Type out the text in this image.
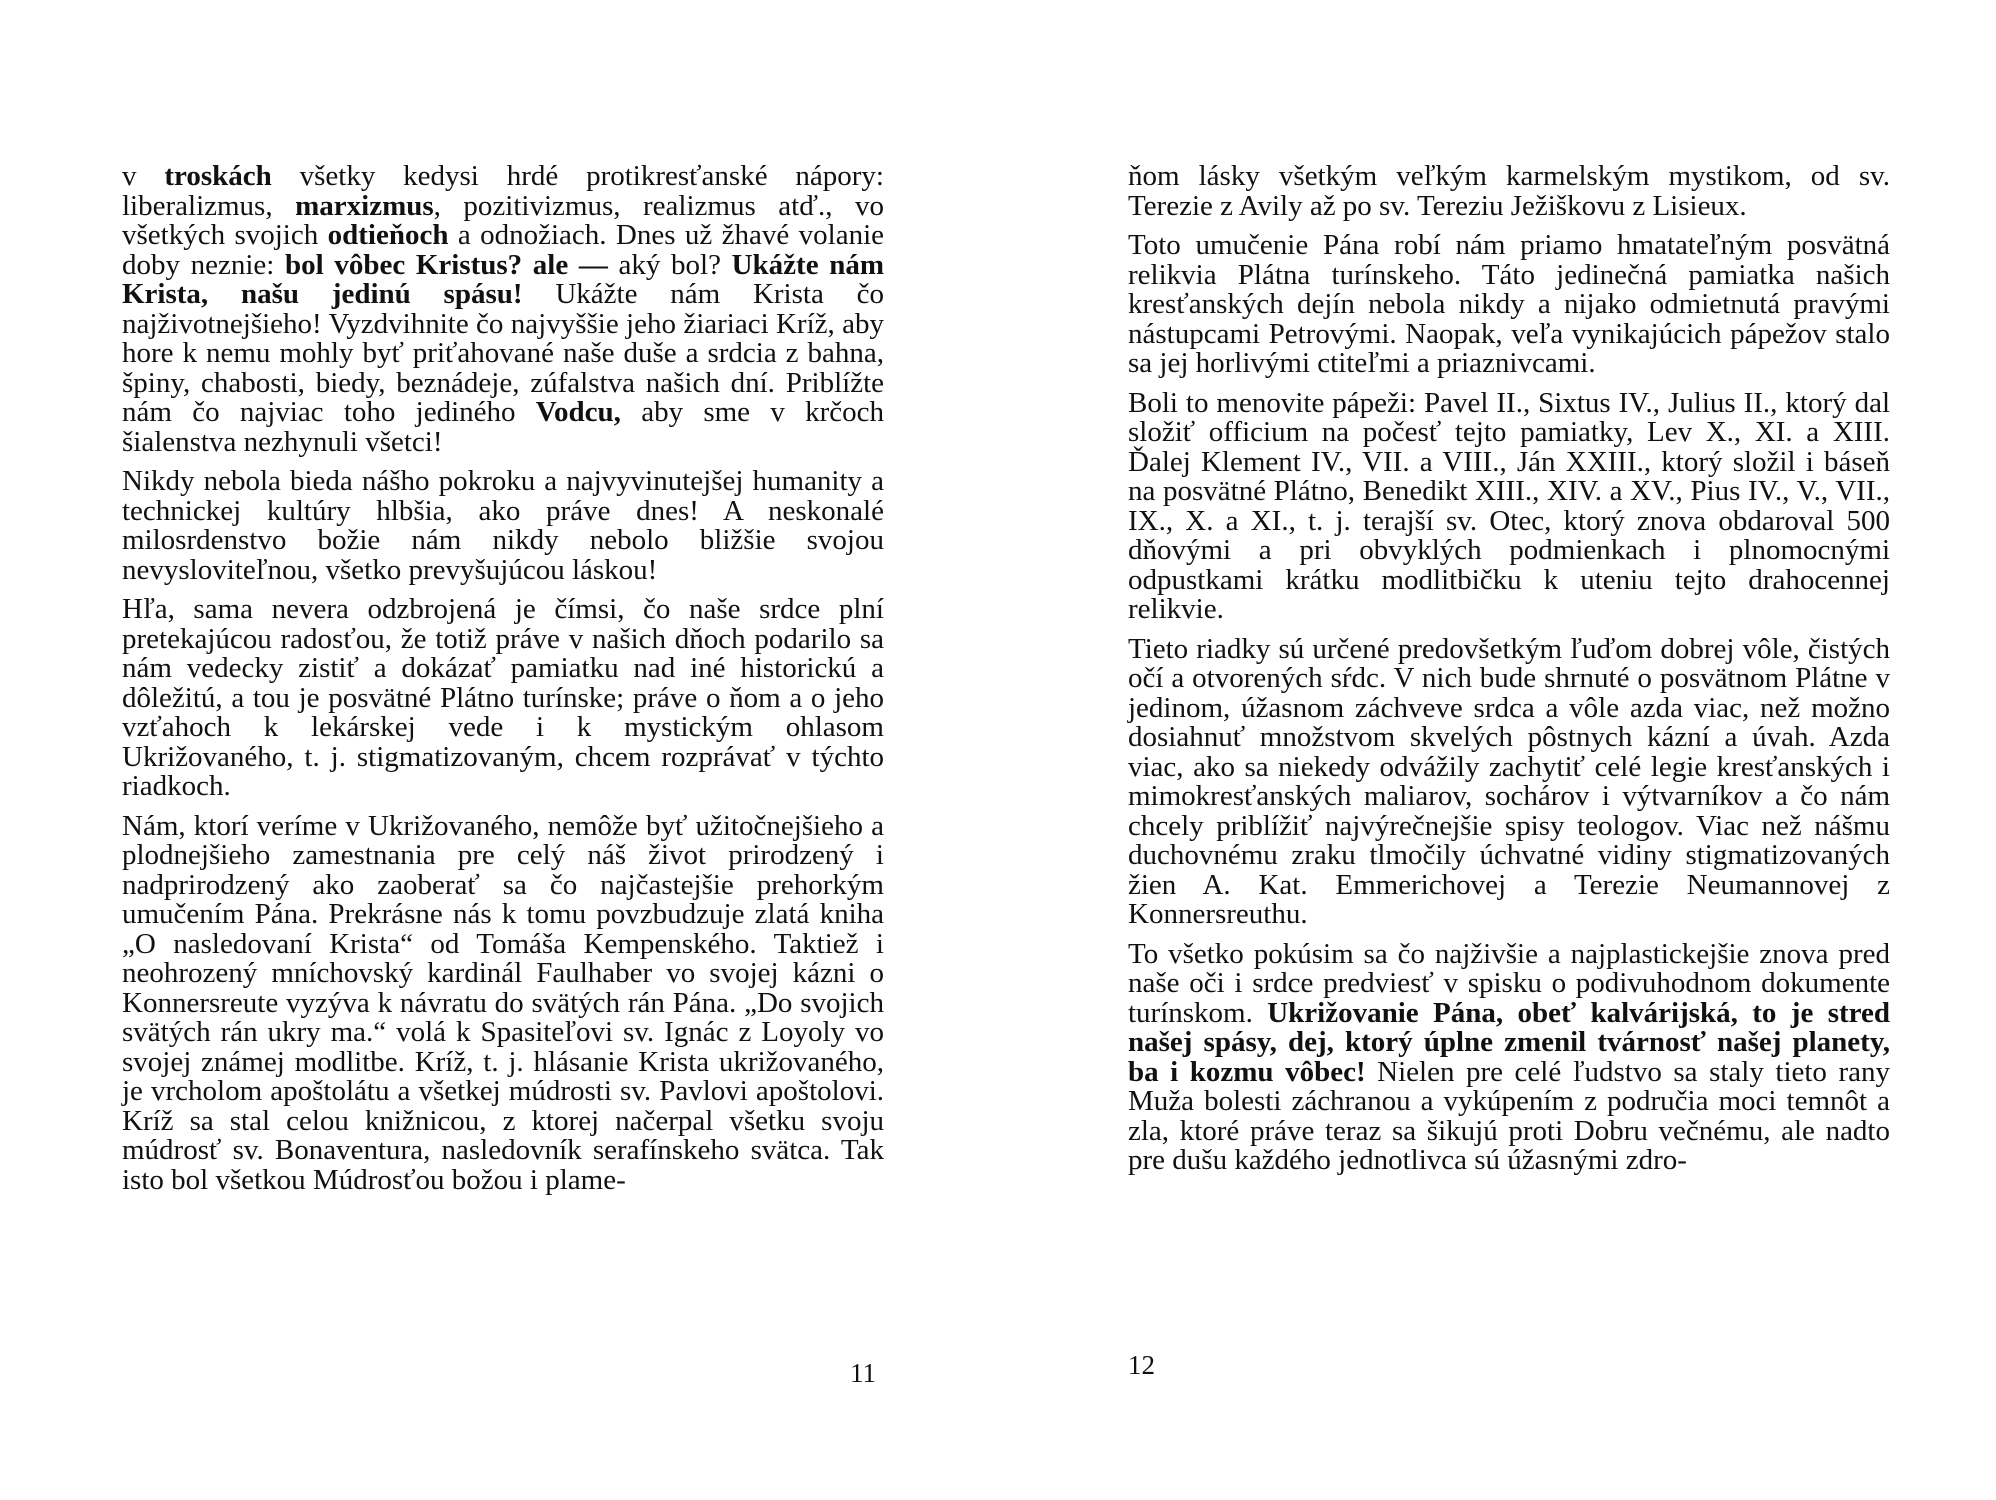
v troskách všetky kedysi hrdé protikresťanské nápory: liberalizmus, marxizmus, pozitivizmus, realizmus atď., vo všetkých svojich odtieňoch a odnožiach. Dnes už žhavé volanie doby neznie: bol vôbec Kristus? ale — aký bol? Ukážte nám Krista, našu jedinú spásu! Ukážte nám Krista čo najživotnejšieho! Vyzdvihnite čo najvyššie jeho žiariaci Kríž, aby hore k nemu mohly byť priťahované naše duše a srdcia z bahna, špiny, chabosti, biedy, beznádeje, zúfalstva našich dní. Priblížte nám čo najviac toho jediného Vodcu, aby sme v krčoch šialenstva nezhynuli všetci!

Nikdy nebola bieda nášho pokroku a najvyvinutejšej humanity a technickej kultúry hlbšia, ako práve dnes! A neskonalé milosrdenstvo božie nám nikdy nebolo bližšie svojou nevysloviteľnou, všetko prevyšujúcou láskou!

Hľa, sama nevera odzbrojená je čímsi, čo naše srdce plní pretekajúcou radosťou, že totiž práve v našich dňoch podarilo sa nám vedecky zistiť a dokázať pamiatku nad iné historickú a dôležitú, a tou je posvätné Plátno turínske; práve o ňom a o jeho vzťahoch k lekárskej vede i k mystickým ohlasom Ukrižovaného, t. j. stigmatizovaným, chcem rozprávať v týchto riadkoch.

Nám, ktorí veríme v Ukrižovaného, nemôže byť užitočnejšieho a plodnejšieho zamestnania pre celý náš život prirodzený i nadprirodzený ako zaoberať sa čo najčastejšie prehorkým umučením Pána. Prekrásne nás k tomu povzbudzuje zlatá kniha „O nasledovaní Krista“ od Tomáša Kempenského. Taktiež i neohrozený mníchovský kardinál Faulhaber vo svojej kázni o Konnersreute vyzýva k návratu do svätých rán Pána. „Do svojich svätých rán ukry ma.“ volá k Spasiteľovi sv. Ignác z Loyoly vo svojej známej modlitbe. Kríž, t. j. hlásanie Krista ukrižovaného, je vrcholom apoštolátu a všetkej múdrosti sv. Pavlovi apoštolovi. Kríž sa stal celou knižnicou, z ktorej načerpal všetku svoju múdrosť sv. Bonaventura, nasledovník serafínskeho svätca. Tak isto bol všetkou Múdrosťou božou i plame-

11

ňom lásky všetkým veľkým karmelským mystikom, od sv. Terezie z Avily až po sv. Tereziu Ježiškovu z Lisieux.

Toto umučenie Pána robí nám priamo hmatateľným posvätná relikvia Plátna turínskeho. Táto jedinečná pamiatka našich kresťanských dejín nebola nikdy a nijako odmietnutá pravými nástupcami Petrovými. Naopak, veľa vynikajúcich pápežov stalo sa jej horlivými ctiteľmi a priaznivcami.

Boli to menovite pápeži: Pavel II., Sixtus IV., Julius II., ktorý dal složiť officium na počesť tejto pamiatky, Lev X., XI. a XIII. Ďalej Klement IV., VII. a VIII., Ján XXIII., ktorý složil i báseň na posvätné Plátno, Benedikt XIII., XIV. a XV., Pius IV., V., VII., IX., X. a XI., t. j. terajší sv. Otec, ktorý znova obdaroval 500 dňovými a pri obvyklých podmienkach i plnomocnými odpustkami krátku modlitbičku k uteniu tejto drahocennej relikvie.

Tieto riadky sú určené predovšetkým ľuďom dobrej vôle, čistých očí a otvorených sŕdc. V nich bude shrnuté o posvätnom Plátne v jedinom, úžasnom záchveve srdca a vôle azda viac, než možno dosiahnuť množstvom skvelých pôstnych kázní a úvah. Azda viac, ako sa niekedy odvážily zachytiť celé legie kresťanských i mimokresťanských maliarov, sochárov i výtvarníkov a čo nám chcely priblížiť najvýrečnejšie spisy teologov. Viac než nášmu duchovnému zraku tlmočily úchvatné vidiny stigmatizovaných žien A. Kat. Emmerichovej a Terezie Neumannovej z Konnersreuthu.

To všetko pokúsim sa čo najživšie a najplastickejšie znova pred naše oči i srdce predviesť v spisku o podivuhodnom dokumente turínskom. Ukrižovanie Pána, obeť kalvárijská, to je stred našej spásy, dej, ktorý úplne zmenil tvárnosť našej planety, ba i kozmu vôbec! Nielen pre celé ľudstvo sa staly tieto rany Muža bolesti záchranou a vykúpením z područia moci temnôt a zla, ktoré práve teraz sa šikujú proti Dobru večnému, ale nadto pre dušu každého jednotlivca sú úžasnými zdro-

12
